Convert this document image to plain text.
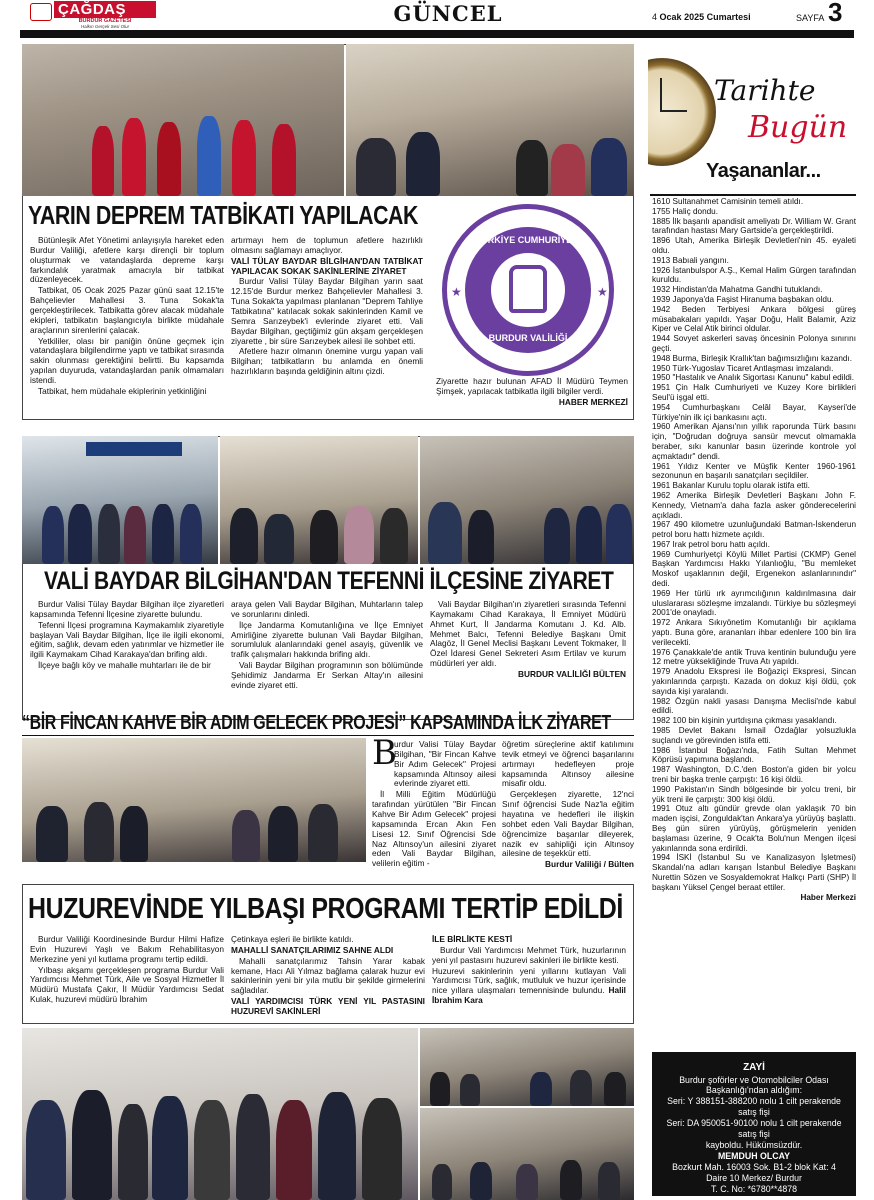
ÇAĞDAŞ
BURDUR GAZETESİ
Halkın Gerçek Sesi Olur
GÜNCEL	4 Ocak 2025 Cumartesi	SAYFA 3
YARIN DEPREM TATBİKATI YAPILACAK

Bütünleşik Afet Yönetimi anlayışıyla hareket eden Burdur Valiliği, afetlere karşı dirençli bir toplum oluşturmak ve vatandaşlarda depreme karşı farkındalık yaratmak amacıyla bir tatbikat düzenleyecek.

Tatbikat, 05 Ocak 2025 Pazar günü saat 12.15'te Bahçelievler Mahallesi 3. Tuna Sokak'ta gerçekleştirilecek. Tatbikatta görev alacak müdahale ekipleri, tatbikatın başlangıcıyla birlikte müdahale araçlarının sirenlerini çalacak.

Yetkililer, olası bir paniğin önüne geçmek için vatandaşlara bilgilendirme yaptı ve tatbikat sırasında sakin olunması gerektiğini belirtti. Bu kapsamda yapılan duyuruda, vatandaşlardan panik olmamaları istendi.

Tatbikat, hem müdahale ekiplerinin yetkinliğini

artırmayı hem de toplumun afetlere hazırlıklı olmasını sağlamayı amaçlıyor.

VALİ TÜLAY BAYDAR BİLGİHAN'DAN TATBİKAT YAPILACAK SOKAK SAKİNLERİNE ZİYARET

Burdur Valisi Tülay Baydar Bilgihan yarın saat 12.15'de Burdur merkez Bahçelievler Mahallesi 3. Tuna Sokak'ta yapılması planlanan "Deprem Tahliye Tatbikatına" katılacak sokak sakinlerinden Kamil ve Semra Sarızeybek'i evlerinde ziyaret etti. Vali Baydar Bilgihan, geçtiğimiz gün akşam gerçekleşen ziyarette , bir süre Sarızeybek ailesi ile sohbet etti.

Afetlere hazır olmanın önemine vurgu yapan vali Bilgihan; tatbikatların bu anlamda en önemli hazırlıkların başında geldiğinin altını çizdi.

TÜRKİYE CUMHURİYETİ
BURDUR VALİLİĞİ
★	★

Ziyarette hazır bulunan AFAD İl Müdürü Teymen Şimşek, yapılacak tatbikatla ilgili bilgiler verdi.

HABER MERKEZİ

VALİ BAYDAR BİLGİHAN'DAN TEFENNİ İLÇESİNE ZİYARET

Burdur Valisi Tülay Baydar Bilgihan ilçe ziyaretleri kapsamında Tefenni İlçesine ziyarette bulundu.

Tefenni İlçesi programına Kaymakamlık ziyaretiyle başlayan Vali Baydar Bilgihan, İlçe ile ilgili ekonomi, eğitim, sağlık, devam eden yatırımlar ve hizmetler ile ilgili Kaymakam Cihad Karakaya'dan brifing aldı.

İlçeye bağlı köy ve mahalle muhtarları ile de bir

araya gelen Vali Baydar Bilgihan, Muhtarların talep ve sorunlarını dinledi.

İlçe Jandarma Komutanlığına ve İlçe Emniyet Amirliğine ziyarette bulunan Vali Baydar Bilgihan, sorumluluk alanlarındaki genel asayiş, güvenlik ve trafik çalışmaları hakkında brifing aldı.

Vali Baydar Bilgihan programının son bölümünde Şehidimiz Jandarma Er Serkan Altay'ın ailesini evinde ziyaret etti.

Vali Baydar Bilgihan'ın ziyaretleri sırasında Tefenni Kaymakamı Cihad Karakaya, İl Emniyet Müdürü Ahmet Kurt, İl Jandarma Komutanı J. Kd. Alb. Mehmet Balcı, Tefenni Belediye Başkanı Ümit Alagöz, İl Genel Meclisi Başkanı Levent Tokmaker, İl Özel İdaresi Genel Sekreteri Asım Ertilav ve kurum müdürleri yer aldı.

BURDUR VALİLİĞİ BÜLTEN

“BİR FİNCAN KAHVE BİR ADIM GELECEK PROJESİ” KAPSAMINDA İLK ZİYARET
B

urdur Valisi Tülay Baydar Bilgihan, "Bir Fincan Kahve Bir Adım Gelecek" Projesi kapsamında Altınsoy ailesi evlerinde ziyaret etti.

İl Milli Eğitim Müdürlüğü tarafından yürütülen "Bir Fincan Kahve Bir Adım Gelecek" projesi kapsamında Ercan Akın Fen Lisesi 12. Sınıf Öğrencisi Sde Naz Altınsoy'un ailesini ziyaret eden Vali Baydar Bilgihan, velilerin eğitim -

öğretim süreçlerine aktif katılımını tevik etmeyi ve öğrenci başarılarını artırmayı hedefleyen proje kapsamında Altınsoy ailesine misafir oldu.

Gerçekleşen ziyarette, 12'nci Sınıf öğrencisi Sude Naz'la eğitim hayatına ve hedefleri ile ilişkin sohbet eden Vali Baydar Bilgihan, öğrencimize başarılar dileyerek, nazik ev sahipliği için Altınsoy ailesine de teşekkür etti.

Burdur Valiliği / Bülten

HUZUREVİNDE YILBAŞI PROGRAMI TERTİP EDİLDİ

Burdur Valiliği Koordinesinde Burdur Hilmi Hafize Evin Huzurevi Yaşlı ve Bakım Rehabilitasyon Merkezine yeni yıl kutlama programı tertip edildi.

Yılbaşı akşamı gerçekleşen programa Burdur Vali Yardımcısı Mehmet Türk, Aile ve Sosyal Hizmetler İl Müdürü Mustafa Çakır, İl Müdür Yardımcısı Sedat Kulak, huzurevi müdürü İbrahim

Çetinkaya eşleri ile birlikte katıldı.

MAHALLİ SANATÇILARIMIZ SAHNE ALDI

Mahalli sanatçılarımız Tahsin Yarar kabak kemane, Hacı Ali Yılmaz bağlama çalarak huzur evi sakinlerinin yeni bir yıla mutlu bir şekilde girmelerini sağladılar.

VALİ YARDIMCISI TÜRK YENİ YIL PASTASINI HUZUREVİ SAKİNLERİ

İLE BİRLİKTE KESTİ

Burdur Vali Yardımcısı Mehmet Türk, huzurlarının yeni yıl pastasını huzurevi sakinleri ile birlikte kesti.

Huzurevi sakinlerinin yeni yıllarını kutlayan Vali Yardımcısı Türk, sağlık, mutluluk ve huzur içerisinde nice yıllara ulaşmaları temennisinde bulundu. Halil İbrahim Kara
Tarihte
Bugün
Yaşananlar...

1610 Sultanahmet Camisinin temeli atıldı.

1755 Haliç dondu.

1885 İlk başarılı apandisit ameliyatı Dr. William W. Grant tarafından hastası Mary Gartside'a gerçekleştirildi.

1896 Utah, Amerika Birleşik Devletleri'nin 45. eyaleti oldu.

1913 Babıali yangını.

1926 İstanbulspor A.Ş., Kemal Halim Gürgen tarafından kuruldu.

1932 Hindistan'da Mahatma Gandhi tutuklandı.

1939 Japonya'da Faşist Hiranuma başbakan oldu.

1942 Beden Terbiyesi Ankara bölgesi güreş müsabakaları yapıldı. Yaşar Doğu, Halit Balamir, Aziz Kiper ve Celal Atik birinci oldular.

1944 Sovyet askerleri savaş öncesinin Polonya sınırını geçti.

1948 Burma, Birleşik Krallık'tan bağımsızlığını kazandı.

1950 Türk-Yugoslav Ticaret Antlaşması imzalandı.

1950 "Hastalık ve Analık Sigortası Kanunu" kabul edildi.

1951 Çin Halk Cumhuriyeti ve Kuzey Kore birlikleri Seul'ü işgal etti.

1954 Cumhurbaşkanı Celâl Bayar, Kayseri'de Türkiye'nin ilk içi bankasını açtı.

1960 Amerikan Ajansı'nın yıllık raporunda Türk basını için, "Doğrudan doğruya sansür mevcut olmamakla beraber, sıkı kanunlar basın üzerinde kontrole yol açmaktadır" dendi.

1961 Yıldız Kenter ve Müşfik Kenter 1960-1961 sezonunun en başarılı sanatçıları seçildiler.

1961 Bakanlar Kurulu toplu olarak istifa etti.

1962 Amerika Birleşik Devletleri Başkanı John F. Kennedy, Vietnam'a daha fazla asker gönderecelerini açıkladı.

1967 490 kilometre uzunluğundaki Batman-İskenderun petrol boru hattı hizmete açıldı.

1967 Irak petrol boru hattı açıldı.

1969 Cumhuriyetçi Köylü Millet Partisi (CKMP) Genel Başkan Yardımcısı Hakkı Yılanlıoğlu, "Bu memleket Moskof uşaklarının değil, Ergenekon aslanlarınındır" dedi.

1969 Her türlü ırk ayrımcılığının kaldırılmasına dair uluslararası sözleşme imzalandı. Türkiye bu sözleşmeyi 2001'de onayladı.

1972 Ankara Sıkıyönetim Komutanlığı bir açıklama yaptı. Buna göre, arananları ihbar edenlere 100 bin lira verilecekti.

1976 Çanakkale'de antik Truva kentinin bulunduğu yere 12 metre yüksekliğinde Truva Atı yapıldı.

1979 Anadolu Ekspresi ile Boğaziçi Ekspresi, Sincan yakınlarında çarpıştı. Kazada on dokuz kişi öldü, çok sayıda kişi yaralandı.

1982 Özgün nakli yasası Danışma Meclisi'nde kabul edildi.

1982 100 bin kişinin yurtdışına çıkması yasaklandı.

1985 Devlet Bakanı İsmail Özdağlar yolsuzlukla suçlandı ve görevinden istifa etti.

1986 İstanbul Boğazı'nda, Fatih Sultan Mehmet Köprüsü yapımına başlandı.

1987 Washington, D.C.'den Boston'a giden bir yolcu treni bir başka trenle çarpıştı: 16 kişi öldü.

1990 Pakistan'ın Sindh bölgesinde bir yolcu treni, bir yük treni ile çarpıştı: 300 kişi öldü.

1991 Otuz altı gündür grevde olan yaklaşık 70 bin maden işçisi, Zonguldak'tan Ankara'ya yürüyüş başlattı. Beş gün süren yürüyüş, görüşmelerin yeniden başlaması üzerine, 9 Ocak'ta Bolu'nun Mengen ilçesi yakınlarında sona erdirildi.

1994 İSKİ (İstanbul Su ve Kanalizasyon İşletmesi) Skandalı'na adları karışan İstanbul Belediye Başkanı Nurettin Sözen ve Sosyaldemokrat Halkçı Parti (SHP) İl başkanı Yüksel Çengel beraat ettiler.

Haber Merkezi

ZAYİ
Burdur şoförler ve Otomobilciler Odası
Başkanlığı'ndan aldığım:
Seri: Y 388151-388200 nolu 1 cilt perakende
satış fişi
Seri: DA 950051-90100 nolu 1 cilt perakende
satış fişi
kayboldu. Hükümsüzdür.
MEMDUH OLCAY
Bozkurt Mah. 16003 Sok. B1-2 blok Kat: 4
Daire 10 Merkez/ Burdur
T. C. No: *6780**4878
